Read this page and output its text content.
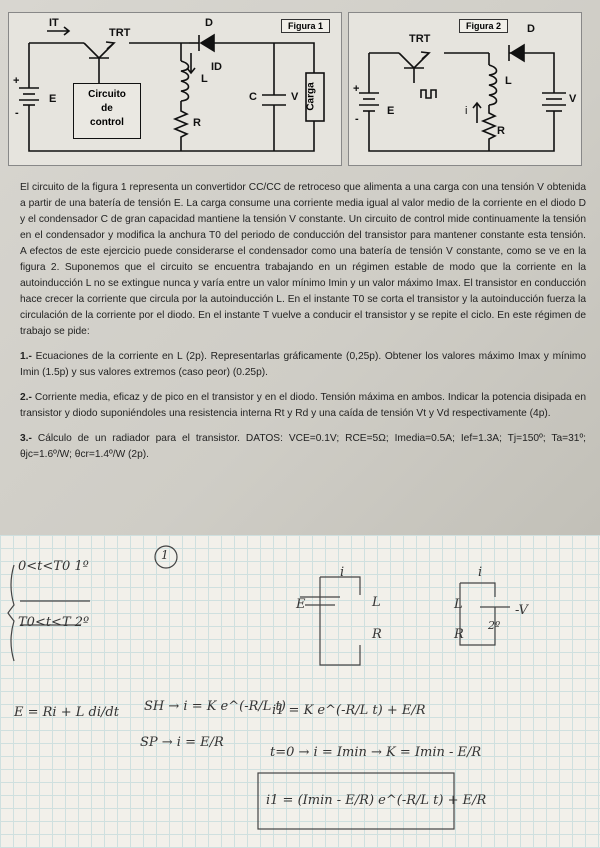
Figura 1
IT
TRT
D
ID
L
E
+
-
C	V
R
Carga
Circuito
de
control
Figura 2
TRT
D
L
E
V
R
i
+
-

El circuito de la figura 1 representa un convertidor CC/CC de retroceso que alimenta a una carga con una tensión V obtenida a partir de una batería de tensión E. La carga consume una corriente media igual al valor medio de la corriente en el diodo D y el condensador C de gran capacidad mantiene la tensión V constante. Un circuito de control mide continuamente la tensión en el condensador y modifica la anchura T0 del periodo de conducción del transistor para mantener constante esta tensión. A efectos de este ejercicio puede considerarse el condensador como una batería de tensión V constante, como se ve en la figura 2. Suponemos que el circuito se encuentra trabajando en un régimen estable de modo que la corriente en la autoinducción L no se extingue nunca y varía entre un valor mínimo Imin y un valor máximo Imax. El transistor en conducción hace crecer la corriente que circula por la autoinducción L. En el instante T0 se corta el transistor y la autoinducción fuerza la circulación de la corriente por el diodo. En el instante T vuelve a conducir el transistor y se repite el ciclo. En este régimen de trabajo se pide:

1.- Ecuaciones de la corriente en L (2p). Representarlas gráficamente (0,25p). Obtener los valores máximo Imax y mínimo Imin (1.5p) y sus valores extremos (caso peor) (0.25p).

2.- Corriente media, eficaz y de pico en el transistor y en el diodo. Tensión máxima en ambos. Indicar la potencia disipada en transistor y diodo suponiéndoles una resistencia interna Rt y Rd y una caída de tensión Vt y Vd respectivamente (4p).

3.- Cálculo de un radiador para el transistor. DATOS: VCE=0.1V; RCE=5Ω; Imedia=0.5A; Ief=1.3A; Tj=150º; Ta=31º; θjc=1.6º/W; θcr=1.4º/W (2p).

0<t<T0 1º
T0<t<T 2º
1
E	L
R
i
L
R
-V
2º
i
E = Ri + L di/dt SH → i = K e^(-R/L t)
SP → i = E/R
i1 = K e^(-R/L t) + E/R
t=0 → i = Imin → K = Imin - E/R
i1 = (Imin - E/R) e^(-R/L t) + E/R
